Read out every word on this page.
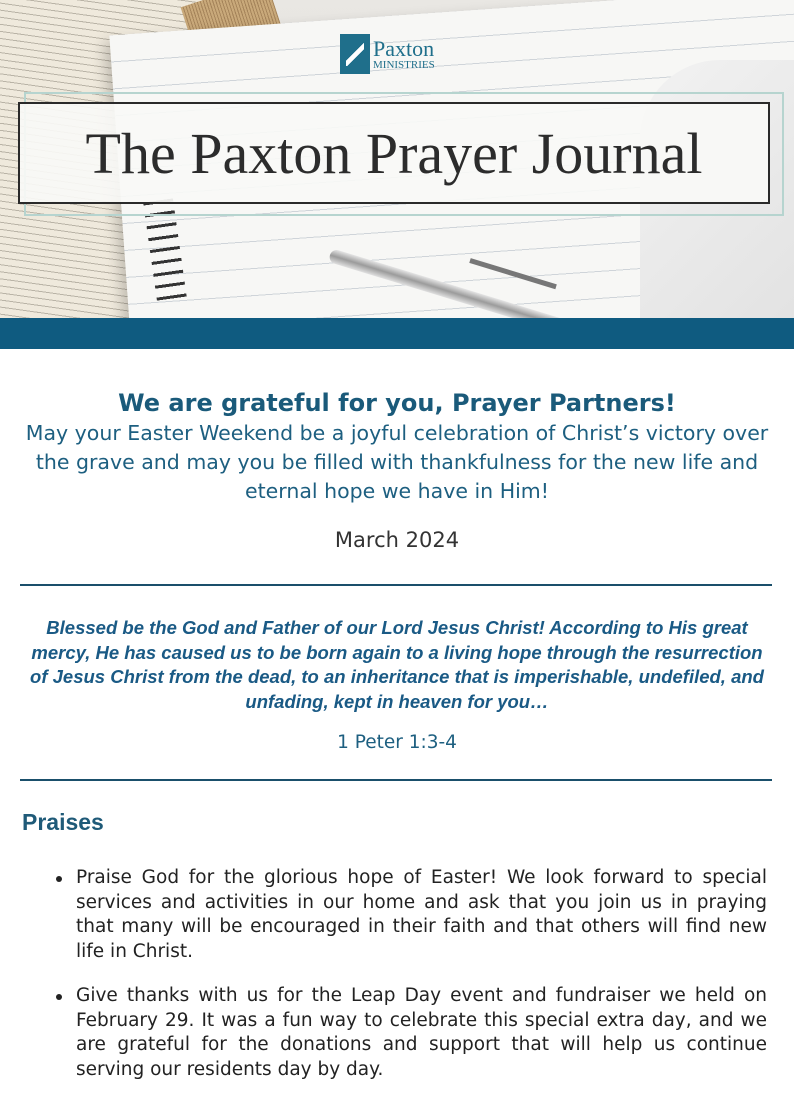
Paxton
MINISTRIES
The Paxton Prayer Journal
We are grateful for you, Prayer Partners!
May your Easter Weekend be a joyful celebration of Christ’s victory over the grave and may you be filled with thankfulness for the new life and eternal hope we have in Him!
March 2024
Blessed be the God and Father of our Lord Jesus Christ! According to His great mercy, He has caused us to be born again to a living hope through the resurrection of Jesus Christ from the dead, to an inheritance that is imperishable, undefiled, and unfading, kept in heaven for you…
1 Peter 1:3-4
Praises
Praise God for the glorious hope of Easter! We look forward to special services and activities in our home and ask that you join us in praying that many will be encouraged in their faith and that others will find new life in Christ.
Give thanks with us for the Leap Day event and fundraiser we held on February 29. It was a fun way to celebrate this special extra day, and we are grateful for the donations and support that will help us continue serving our residents day by day.
